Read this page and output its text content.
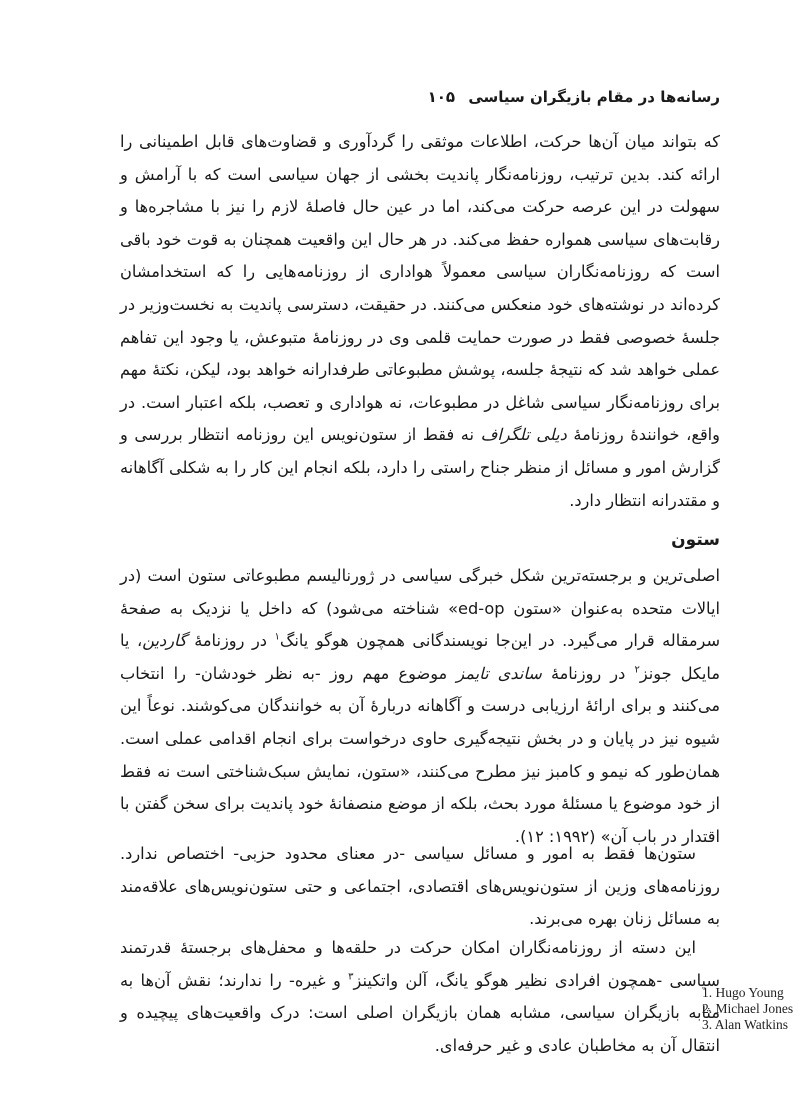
رسانه‌ها در مقام بازیگران سیاسی ۱۰۵

که بتواند میان آن‌ها حرکت، اطلاعات موثقی را گردآوری و قضاوت‌های قابل اطمینانی را ارائه کند. بدین ترتیب، روزنامه‌نگار پاندیت بخشی از جهان سیاسی است که با آرامش و سهولت در این عرصه حرکت می‌کند، اما در عین حال فاصلهٔ لازم را نیز با مشاجره‌ها و رقابت‌های سیاسی همواره حفظ می‌کند. در هر حال این واقعیت همچنان به قوت خود باقی است که روزنامه‌نگاران سیاسی معمولاً هواداری از روزنامه‌هایی را که استخدامشان کرده‌اند در نوشته‌های خود منعکس می‌کنند. در حقیقت، دسترسی پاندیت به نخست‌وزیر در جلسهٔ خصوصی فقط در صورت حمایت قلمی وی در روزنامهٔ متبوعش، یا وجود این تفاهم عملی خواهد شد که نتیجهٔ جلسه، پوشش مطبوعاتی طرفدارانه خواهد بود، لیکن، نکتهٔ مهم برای روزنامه‌نگار سیاسی شاغل در مطبوعات، نه هواداری و تعصب، بلکه اعتبار است. در واقع، خوانندهٔ روزنامهٔ دیلی تلگراف نه فقط از ستون‌نویس این روزنامه انتظار بررسی و گزارش امور و مسائل از منظر جناح راستی را دارد، بلکه انجام این کار را به شکلی آگاهانه و مقتدرانه انتظار دارد.

ستون

اصلی‌ترین و برجسته‌ترین شکل خبرگی سیاسی در ژورنالیسم مطبوعاتی ستون است (در ایالات متحده به‌عنوان «ستون ed-op» شناخته می‌شود) که داخل یا نزدیک به صفحهٔ سرمقاله قرار می‌گیرد. در این‌جا نویسندگانی همچون هوگو یانگ$^۱$ در روزنامهٔ گاردین، یا مایکل جونز$^۲$ در روزنامهٔ ساندی تایمز موضوع مهم روز -به نظر خودشان- را انتخاب می‌کنند و برای ارائهٔ ارزیابی درست و آگاهانه دربارهٔ آن به خوانندگان می‌کوشند. نوعاً این شیوه نیز در پایان و در بخش نتیجه‌گیری حاوی درخواست برای انجام اقدامی عملی است. همان‌طور که نیمو و کامبز نیز مطرح می‌کنند، «ستون، نمایش سبک‌شناختی است نه فقط از خود موضوع یا مسئلهٔ مورد بحث، بلکه از موضع منصفانهٔ خود پاندیت برای سخن گفتن با اقتدار در باب آن» (۱۹۹۲: ۱۲).

ستون‌ها فقط به امور و مسائل سیاسی -در معنای محدود حزبی- اختصاص ندارد. روزنامه‌های وزین از ستون‌نویس‌های اقتصادی، اجتماعی و حتی ستون‌نویس‌های علاقه‌مند به مسائل زنان بهره می‌برند.

این دسته از روزنامه‌نگاران امکان حرکت در حلقه‌ها و محفل‌های برجستهٔ قدرتمند سیاسی -همچون افرادی نظیر هوگو یانگ، آلن واتکینز$^۳$ و غیره- را ندارند؛ نقش آن‌ها به مثابه بازیگران سیاسی، مشابه همان بازیگران اصلی است: درک واقعیت‌های پیچیده و انتقال آن به مخاطبان عادی و غیر حرفه‌ای.

1. Hugo Young
2. Michael Jones
3. Alan Watkins
